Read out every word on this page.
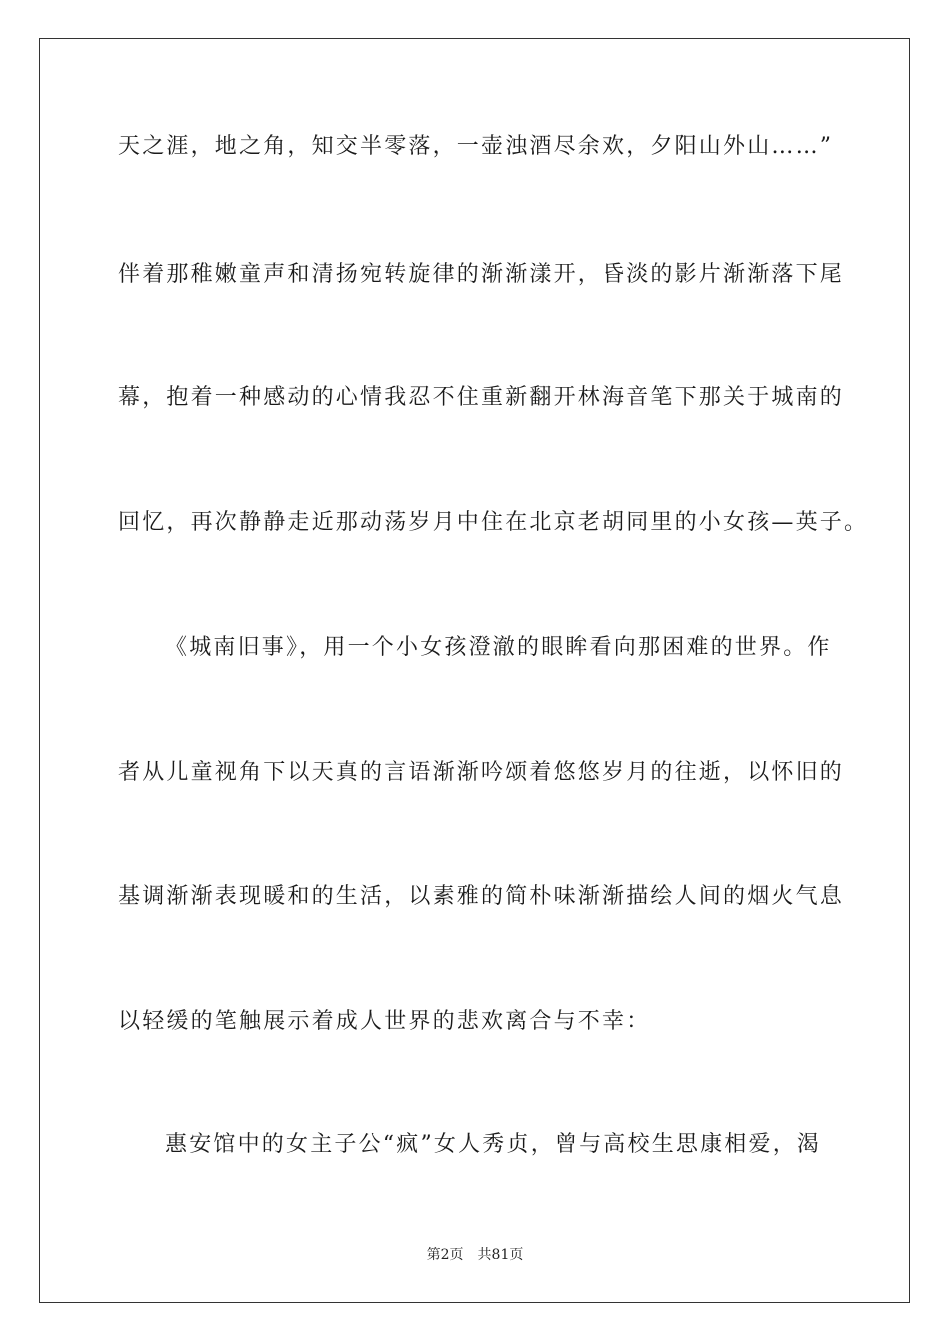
天之涯，地之角，知交半零落，一壶浊酒尽余欢，夕阳山外山……”
伴着那稚嫩童声和清扬宛转旋律的渐渐漾开，昏淡的影片渐渐落下尾
幕，抱着一种感动的心情我忍不住重新翻开林海音笔下那关于城南的
回忆，再次静静走近那动荡岁月中住在北京老胡同里的小女孩—英子。
《城南旧事》，用一个小女孩澄澈的眼眸看向那困难的世界。作
者从儿童视角下以天真的言语渐渐吟颂着悠悠岁月的往逝，以怀旧的
基调渐渐表现暖和的生活，以素雅的简朴味渐渐描绘人间的烟火气息
以轻缓的笔触展示着成人世界的悲欢离合与不幸：
惠安馆中的女主子公“疯”女人秀贞，曾与高校生思康相爱，渴
第2页 共81页
